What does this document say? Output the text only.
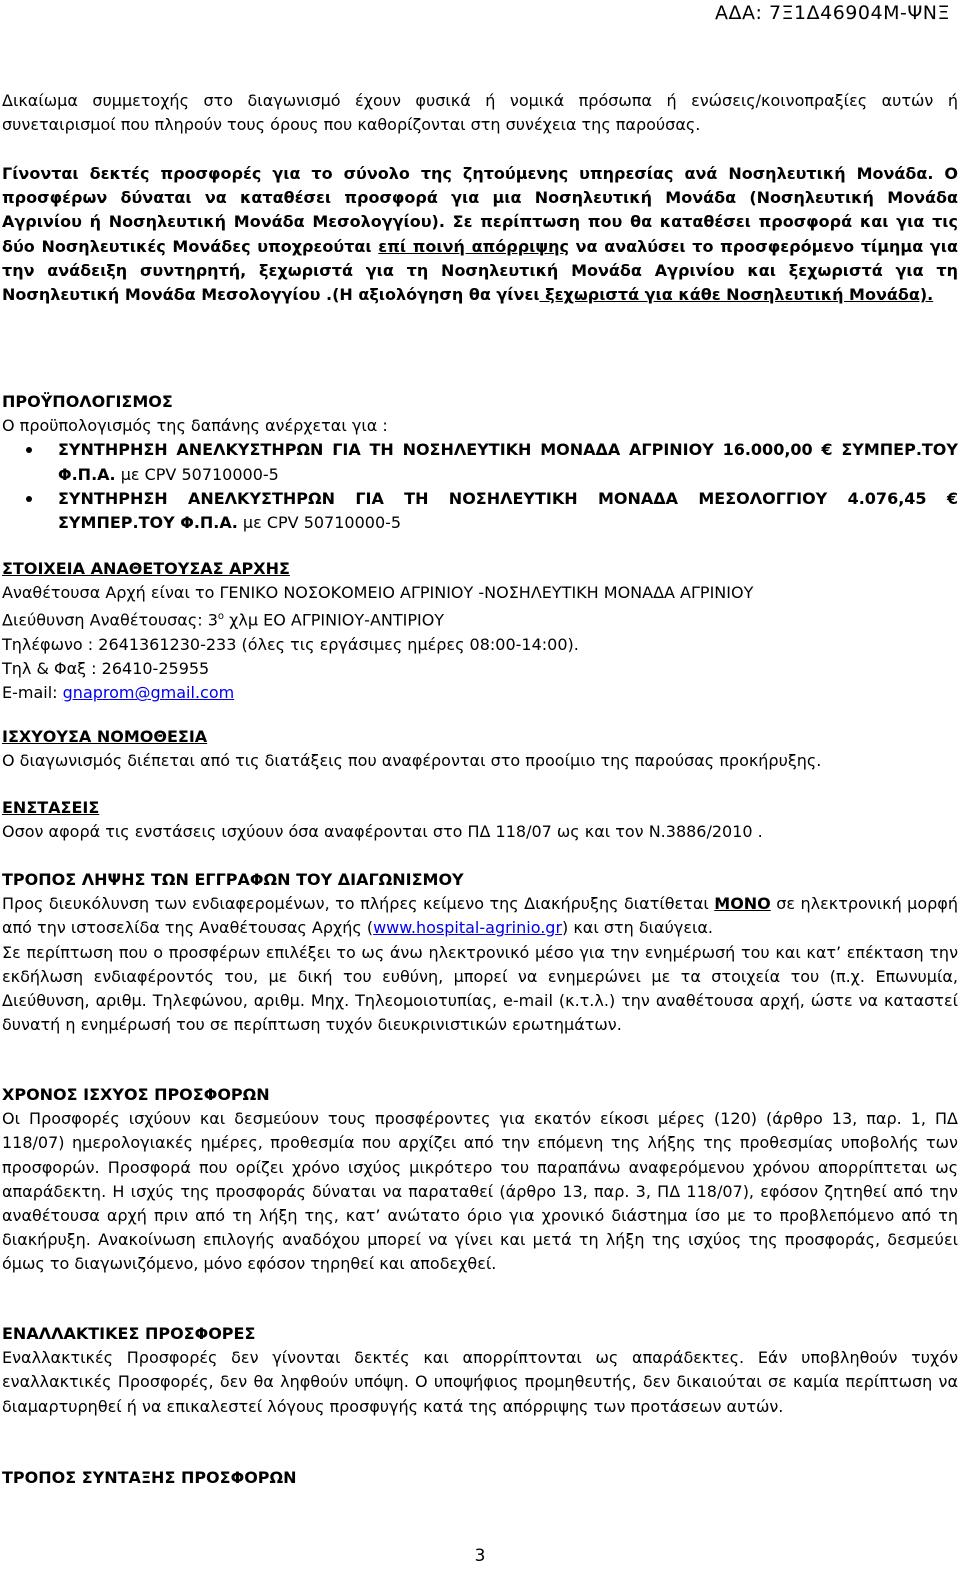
ΑΔΑ: 7Ξ1Δ46904Μ-ΨΝΞ

Δικαίωμα συμμετοχής στο διαγωνισμό έχουν φυσικά ή νομικά πρόσωπα ή ενώσεις/κοινοπραξίες αυτών ή συνεταιρισμοί που πληρούν τους όρους που καθορίζονται στη συνέχεια της παρούσας.

Γίνονται δεκτές προσφορές για το σύνολο της ζητούμενης υπηρεσίας ανά Νοσηλευτική Μονάδα. Ο προσφέρων δύναται να καταθέσει προσφορά για μια Νοσηλευτική Μονάδα (Νοσηλευτική Μονάδα Αγρινίου ή Νοσηλευτική Μονάδα Μεσολογγίου). Σε περίπτωση που θα καταθέσει προσφορά και για τις δύο Νοσηλευτικές Μονάδες υποχρεούται επί ποινή απόρριψης να αναλύσει το προσφερόμενο τίμημα για την ανάδειξη συντηρητή, ξεχωριστά για τη Νοσηλευτική Μονάδα Αγρινίου και ξεχωριστά για τη Νοσηλευτική Μονάδα Μεσολογγίου .(Η αξιολόγηση θα γίνει ξεχωριστά για κάθε Νοσηλευτική Μονάδα).

ΠΡΟΫΠΟΛΟΓΙΣΜΟΣ

Ο προϋπολογισμός της δαπάνης ανέρχεται για :

ΣΥΝΤΗΡΗΣΗ ΑΝΕΛΚΥΣΤΗΡΩΝ ΓΙΑ ΤΗ ΝΟΣΗΛΕΥΤΙΚΗ ΜΟΝΑΔΑ ΑΓΡΙΝΙΟΥ 16.000,00 € ΣΥΜΠΕΡ.ΤΟΥ Φ.Π.Α. με CPV 50710000-5

ΣΥΝΤΗΡΗΣΗ ΑΝΕΛΚΥΣΤΗΡΩΝ ΓΙΑ ΤΗ ΝΟΣΗΛΕΥΤΙΚΗ ΜΟΝΑΔΑ ΜΕΣΟΛΟΓΓΙΟΥ 4.076,45 € ΣΥΜΠΕΡ.ΤΟΥ Φ.Π.Α. με CPV 50710000-5

ΣΤΟΙΧΕΙΑ ΑΝΑΘΕΤΟΥΣΑΣ ΑΡΧΗΣ

Αναθέτουσα Αρχή είναι το ΓΕΝΙΚΟ ΝΟΣΟΚΟΜΕΙΟ ΑΓΡΙΝΙΟΥ -ΝΟΣΗΛΕΥΤΙΚΗ ΜΟΝΑΔΑ ΑΓΡΙΝΙΟΥ

Διεύθυνση Αναθέτουσας: $3^o$ χλμ ΕΟ ΑΓΡΙΝΙΟΥ-ΑΝΤΙΡΙΟΥ

Τηλέφωνο : 2641361230-233 (όλες τις εργάσιμες ημέρες 08:00-14:00).

Τηλ & Φαξ : 26410-25955

E-mail: gnaprom@gmail.com

ΙΣΧΥΟΥΣΑ ΝΟΜΟΘΕΣΙΑ

Ο διαγωνισμός διέπεται από τις διατάξεις που αναφέρονται στο προοίμιο της παρούσας προκήρυξης.

ΕΝΣΤΑΣΕΙΣ

Οσον αφορά τις ενστάσεις ισχύουν όσα αναφέρονται στο ΠΔ 118/07 ως και τον Ν.3886/2010 .

ΤΡΟΠΟΣ ΛΗΨΗΣ ΤΩΝ ΕΓΓΡΑΦΩΝ ΤΟΥ ΔΙΑΓΩΝΙΣΜΟΥ

Προς διευκόλυνση των ενδιαφερομένων, το πλήρες κείμενο της Διακήρυξης διατίθεται ΜΟΝΟ σε ηλεκτρονική μορφή από την ιστοσελίδα της Αναθέτουσας Αρχής (www.hospital-agrinio.gr) και στη διαύγεια.

Σε περίπτωση που ο προσφέρων επιλέξει το ως άνω ηλεκτρονικό μέσο για την ενημέρωσή του και κατ’ επέκταση την εκδήλωση ενδιαφέροντός του, με δική του ευθύνη, μπορεί να ενημερώνει με τα στοιχεία του (π.χ. Επωνυμία, Διεύθυνση, αριθμ. Τηλεφώνου, αριθμ. Μηχ. Τηλεομοιοτυπίας, e-mail (κ.τ.λ.) την αναθέτουσα αρχή, ώστε να καταστεί δυνατή η ενημέρωσή του σε περίπτωση τυχόν διευκρινιστικών ερωτημάτων.

ΧΡΟΝΟΣ ΙΣΧΥΟΣ ΠΡΟΣΦΟΡΩΝ

Οι Προσφορές ισχύουν και δεσμεύουν τους προσφέροντες για εκατόν είκοσι μέρες (120) (άρθρο 13, παρ. 1, ΠΔ 118/07) ημερολογιακές ημέρες, προθεσμία που αρχίζει από την επόμενη της λήξης της προθεσμίας υποβολής των προσφορών. Προσφορά που ορίζει χρόνο ισχύος μικρότερο του παραπάνω αναφερόμενου χρόνου απορρίπτεται ως απαράδεκτη. Η ισχύς της προσφοράς δύναται να παραταθεί (άρθρο 13, παρ. 3, ΠΔ 118/07), εφόσον ζητηθεί από την αναθέτουσα αρχή πριν από τη λήξη της, κατ’ ανώτατο όριο για χρονικό διάστημα ίσο με το προβλεπόμενο από τη διακήρυξη. Ανακοίνωση επιλογής αναδόχου μπορεί να γίνει και μετά τη λήξη της ισχύος της προσφοράς, δεσμεύει όμως το διαγωνιζόμενο, μόνο εφόσον τηρηθεί και αποδεχθεί.

ΕΝΑΛΛΑΚΤΙΚΕΣ ΠΡΟΣΦΟΡΕΣ

Εναλλακτικές Προσφορές δεν γίνονται δεκτές και απορρίπτονται ως απαράδεκτες. Εάν υποβληθούν τυχόν εναλλακτικές Προσφορές, δεν θα ληφθούν υπόψη. Ο υποψήφιος προμηθευτής, δεν δικαιούται σε καμία περίπτωση να διαμαρτυρηθεί ή να επικαλεστεί λόγους προσφυγής κατά της απόρριψης των προτάσεων αυτών.

ΤΡΟΠΟΣ ΣΥΝΤΑΞΗΣ ΠΡΟΣΦΟΡΩΝ
3
